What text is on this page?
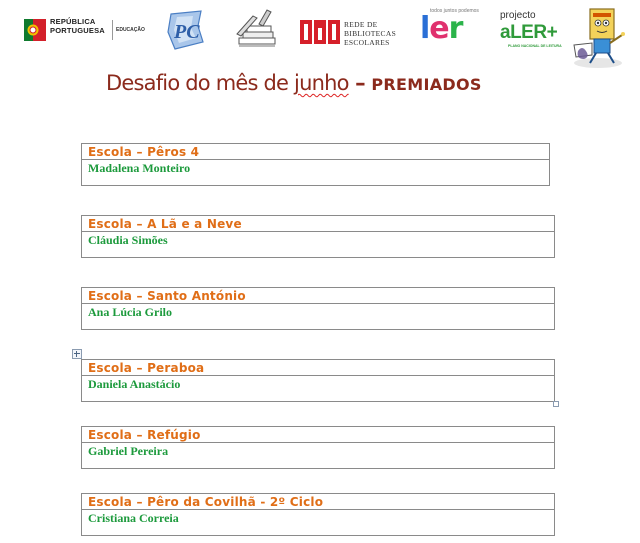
REPÚBLICA
PORTUGUESA EDUCAÇÃO PC	REDE DE
BIBLIOTECAS
ESCOLARES
todos juntos podemos
ler	projecto
aLER+
PLANO NACIONAL DE LEITURA
Desafio do mês de junho – PREMIADOS
Escola – Pêros 4
Madalena Monteiro
Escola – A Lã e a Neve
Cláudia Simões
Escola – Santo António
Ana Lúcia Grilo
Escola – Peraboa
Daniela Anastácio
Escola – Refúgio
Gabriel Pereira
Escola – Pêro da Covilhã - 2º Ciclo
Cristiana Correia
